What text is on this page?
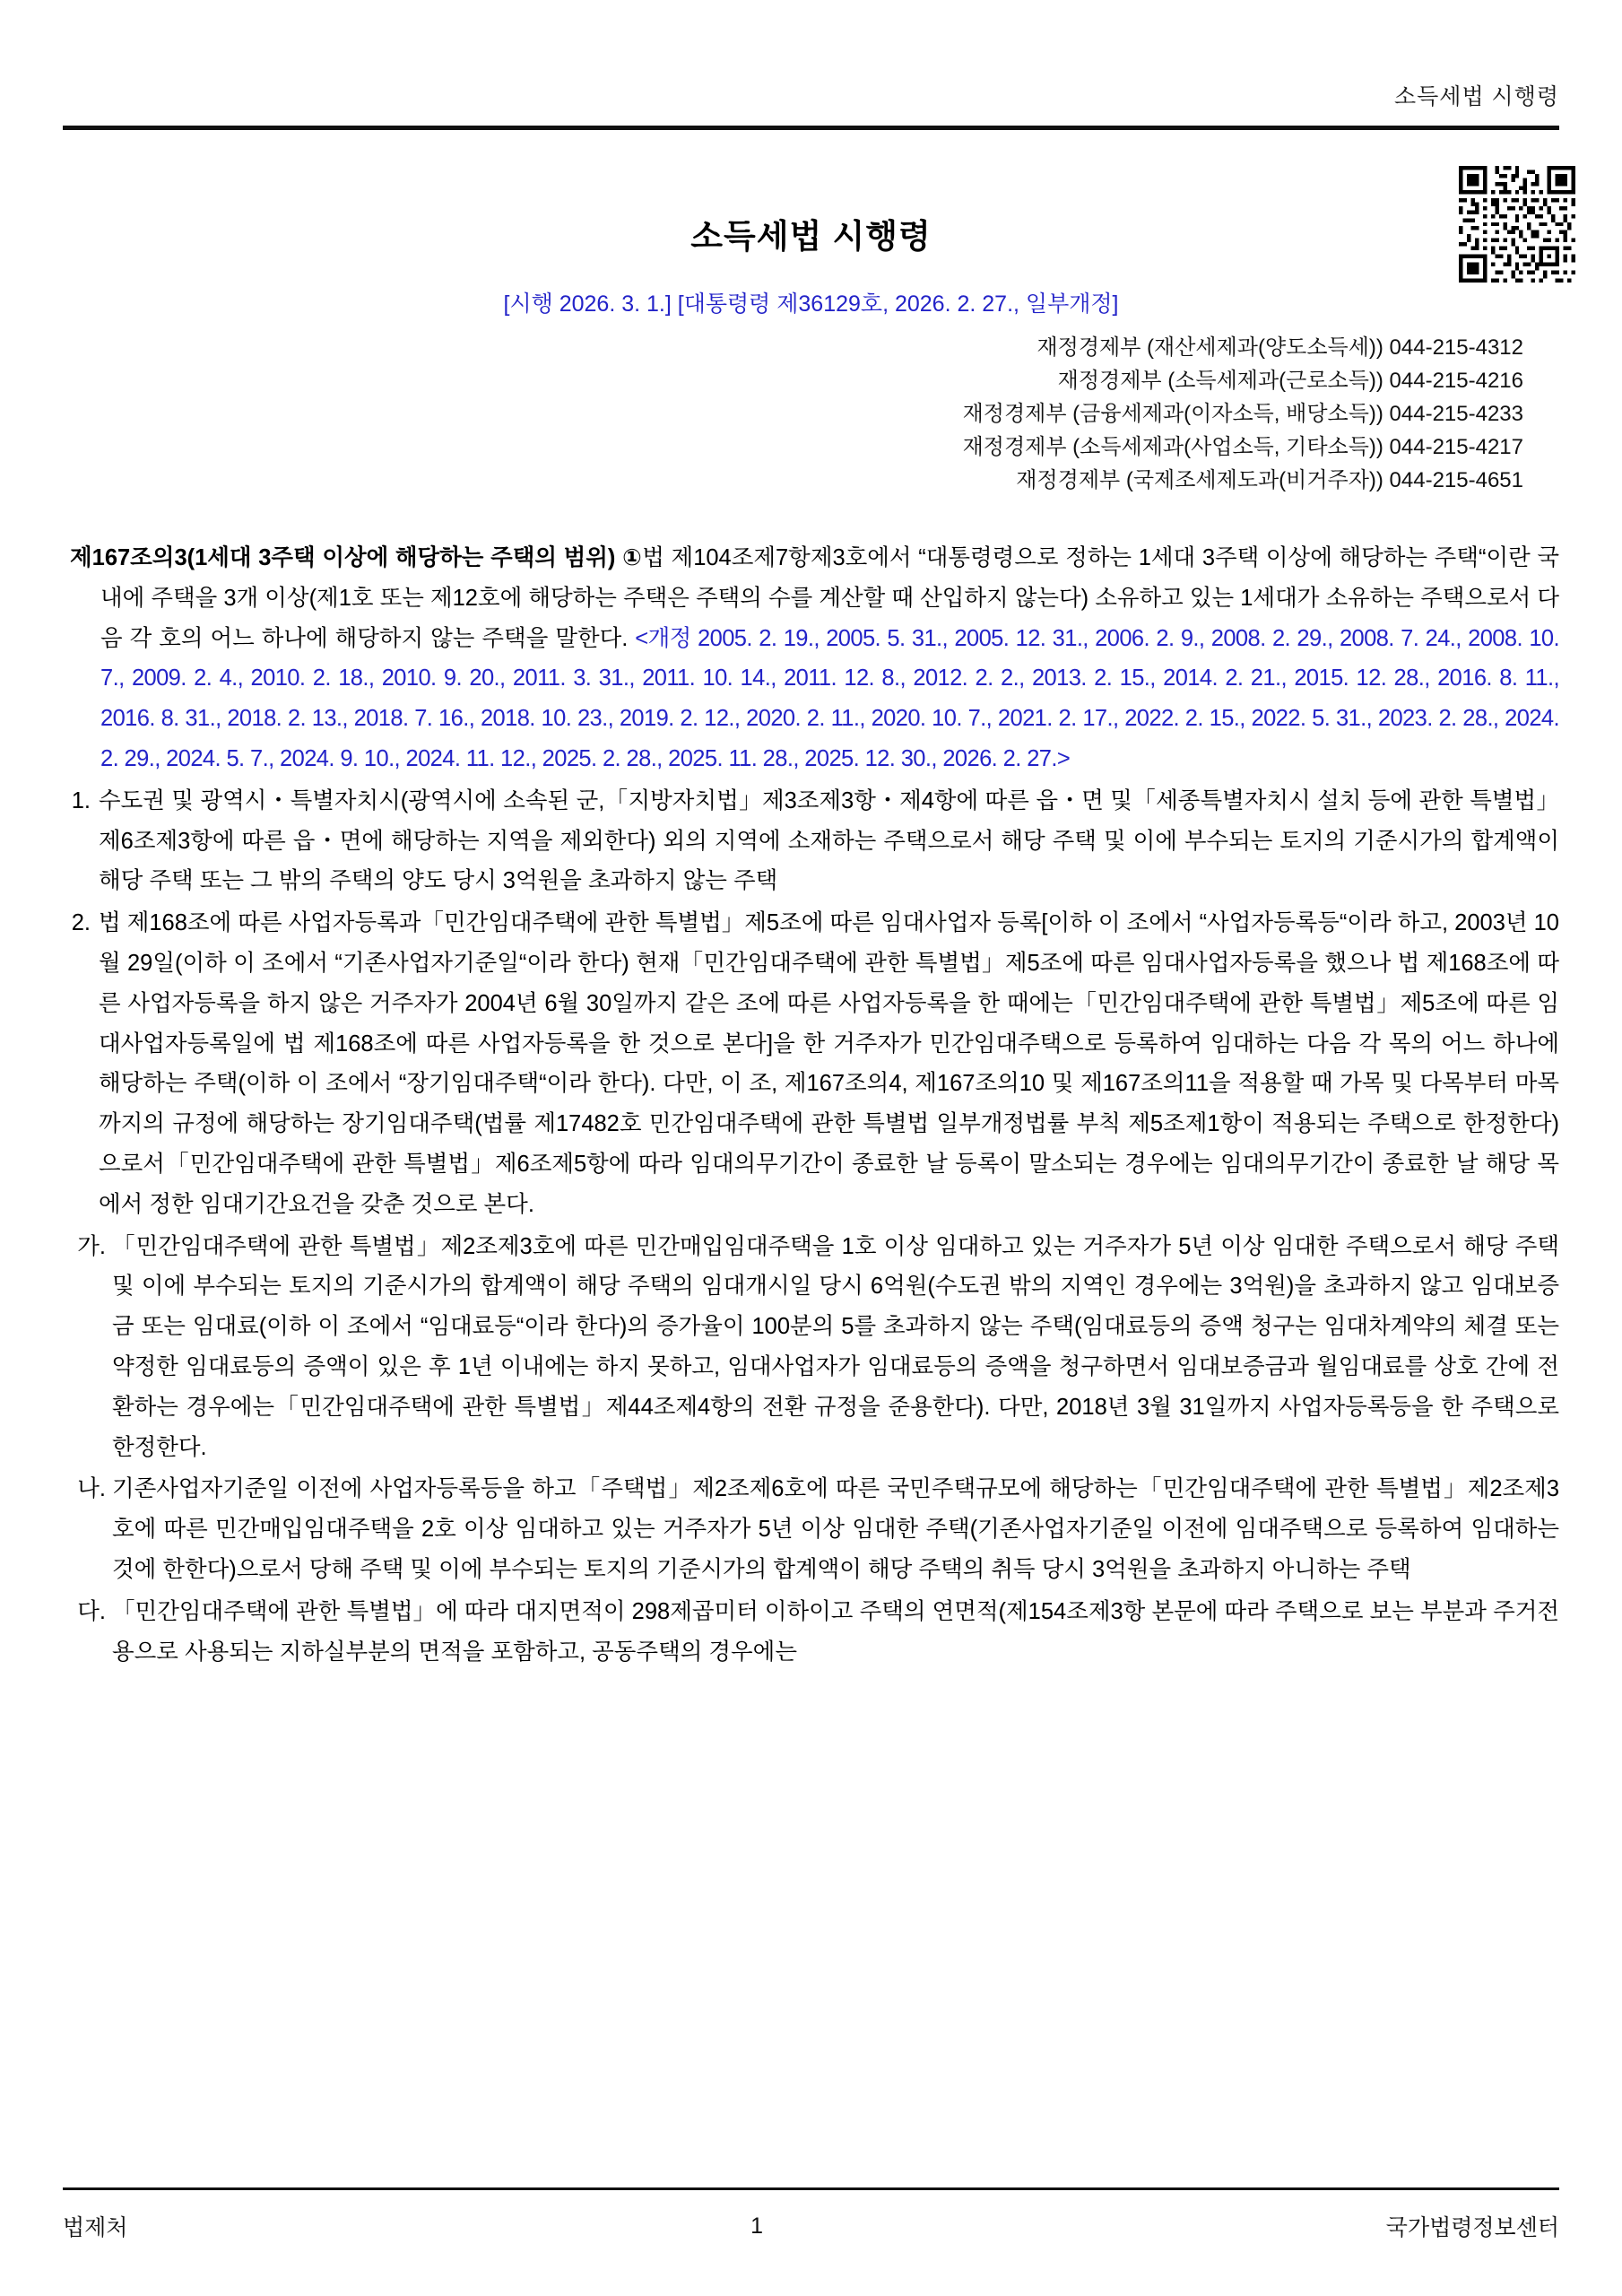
소득세법 시행령
소득세법 시행령
[시행 2026. 3. 1.] [대통령령 제36129호, 2026. 2. 27., 일부개정]
재정경제부 (재산세제과(양도소득세)) 044-215-4312
재정경제부 (소득세제과(근로소득)) 044-215-4216
재정경제부 (금융세제과(이자소득, 배당소득)) 044-215-4233
재정경제부 (소득세제과(사업소득, 기타소득)) 044-215-4217
재정경제부 (국제조세제도과(비거주자)) 044-215-4651
제167조의3(1세대 3주택 이상에 해당하는 주택의 범위) ①법 제104조제7항제3호에서 “대통령령으로 정하는 1세대 3주택 이상에 해당하는 주택“이란 국내에 주택을 3개 이상(제1호 또는 제12호에 해당하는 주택은 주택의 수를 계산할 때 산입하지 않는다) 소유하고 있는 1세대가 소유하는 주택으로서 다음 각 호의 어느 하나에 해당하지 않는 주택을 말한다. <개정 2005. 2. 19., 2005. 5. 31., 2005. 12. 31., 2006. 2. 9., 2008. 2. 29., 2008. 7. 24., 2008. 10. 7., 2009. 2. 4., 2010. 2. 18., 2010. 9. 20., 2011. 3. 31., 2011. 10. 14., 2011. 12. 8., 2012. 2. 2., 2013. 2. 15., 2014. 2. 21., 2015. 12. 28., 2016. 8. 11., 2016. 8. 31., 2018. 2. 13., 2018. 7. 16., 2018. 10. 23., 2019. 2. 12., 2020. 2. 11., 2020. 10. 7., 2021. 2. 17., 2022. 2. 15., 2022. 5. 31., 2023. 2. 28., 2024. 2. 29., 2024. 5. 7., 2024. 9. 10., 2024. 11. 12., 2025. 2. 28., 2025. 11. 28., 2025. 12. 30., 2026. 2. 27.>
1. 수도권 및 광역시・특별자치시(광역시에 소속된 군,「지방자치법」제3조제3항・제4항에 따른 읍・면 및「세종특별자치시 설치 등에 관한 특별법」제6조제3항에 따른 읍・면에 해당하는 지역을 제외한다) 외의 지역에 소재하는 주택으로서 해당 주택 및 이에 부수되는 토지의 기준시가의 합계액이 해당 주택 또는 그 밖의 주택의 양도 당시 3억원을 초과하지 않는 주택
2. 법 제168조에 따른 사업자등록과「민간임대주택에 관한 특별법」제5조에 따른 임대사업자 등록[이하 이 조에서 “사업자등록등“이라 하고, 2003년 10월 29일(이하 이 조에서 “기존사업자기준일“이라 한다) 현재「민간임대주택에 관한 특별법」제5조에 따른 임대사업자등록을 했으나 법 제168조에 따른 사업자등록을 하지 않은 거주자가 2004년 6월 30일까지 같은 조에 따른 사업자등록을 한 때에는「민간임대주택에 관한 특별법」제5조에 따른 임대사업자등록일에 법 제168조에 따른 사업자등록을 한 것으로 본다]을 한 거주자가 민간임대주택으로 등록하여 임대하는 다음 각 목의 어느 하나에 해당하는 주택(이하 이 조에서 “장기임대주택“이라 한다). 다만, 이 조, 제167조의4, 제167조의10 및 제167조의11을 적용할 때 가목 및 다목부터 마목까지의 규정에 해당하는 장기임대주택(법률 제17482호 민간임대주택에 관한 특별법 일부개정법률 부칙 제5조제1항이 적용되는 주택으로 한정한다)으로서「민간임대주택에 관한 특별법」제6조제5항에 따라 임대의무기간이 종료한 날 등록이 말소되는 경우에는 임대의무기간이 종료한 날 해당 목에서 정한 임대기간요건을 갖춘 것으로 본다.
가. 「민간임대주택에 관한 특별법」제2조제3호에 따른 민간매입임대주택을 1호 이상 임대하고 있는 거주자가 5년 이상 임대한 주택으로서 해당 주택 및 이에 부수되는 토지의 기준시가의 합계액이 해당 주택의 임대개시일 당시 6억원(수도권 밖의 지역인 경우에는 3억원)을 초과하지 않고 임대보증금 또는 임대료(이하 이 조에서 “임대료등“이라 한다)의 증가율이 100분의 5를 초과하지 않는 주택(임대료등의 증액 청구는 임대차계약의 체결 또는 약정한 임대료등의 증액이 있은 후 1년 이내에는 하지 못하고, 임대사업자가 임대료등의 증액을 청구하면서 임대보증금과 월임대료를 상호 간에 전환하는 경우에는「민간임대주택에 관한 특별법」제44조제4항의 전환 규정을 준용한다). 다만, 2018년 3월 31일까지 사업자등록등을 한 주택으로 한정한다.
나. 기존사업자기준일 이전에 사업자등록등을 하고「주택법」제2조제6호에 따른 국민주택규모에 해당하는「민간임대주택에 관한 특별법」제2조제3호에 따른 민간매입임대주택을 2호 이상 임대하고 있는 거주자가 5년 이상 임대한 주택(기존사업자기준일 이전에 임대주택으로 등록하여 임대하는 것에 한한다)으로서 당해 주택 및 이에 부수되는 토지의 기준시가의 합계액이 해당 주택의 취득 당시 3억원을 초과하지 아니하는 주택
다. 「민간임대주택에 관한 특별법」에 따라 대지면적이 298제곱미터 이하이고 주택의 연면적(제154조제3항 본문에 따라 주택으로 보는 부분과 주거전용으로 사용되는 지하실부분의 면적을 포함하고, 공동주택의 경우에는
법제처	1	국가법령정보센터
